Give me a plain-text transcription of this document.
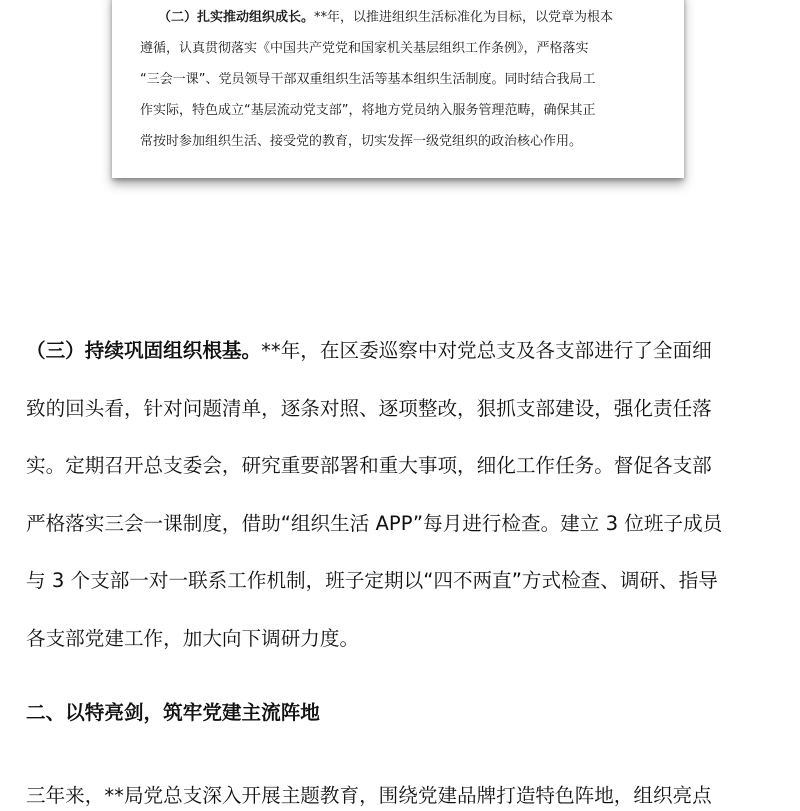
（二）扎实推动组织成长。**年，以推进组织生活标准化为目标，以党章为根本
遵循，认真贯彻落实《中国共产党党和国家机关基层组织工作条例》，严格落实
“三会一课”、党员领导干部双重组织生活等基本组织生活制度。同时结合我局工
作实际，特色成立“基层流动党支部”，将地方党员纳入服务管理范畴，确保其正
常按时参加组织生活、接受党的教育，切实发挥一级党组织的政治核心作用。
（三）持续巩固组织根基。**年，在区委巡察中对党总支及各支部进行了全面细
致的回头看，针对问题清单，逐条对照、逐项整改，狠抓支部建设，强化责任落
实。定期召开总支委会，研究重要部署和重大事项，细化工作任务。督促各支部
严格落实三会一课制度，借助“组织生活 APP”每月进行检查。建立 3 位班子成员
与 3 个支部一对一联系工作机制，班子定期以“四不两直”方式检查、调研、指导
各支部党建工作，加大向下调研力度。
二、以特亮剑，筑牢党建主流阵地
三年来，**局党总支深入开展主题教育，围绕党建品牌打造特色阵地，组织亮点
